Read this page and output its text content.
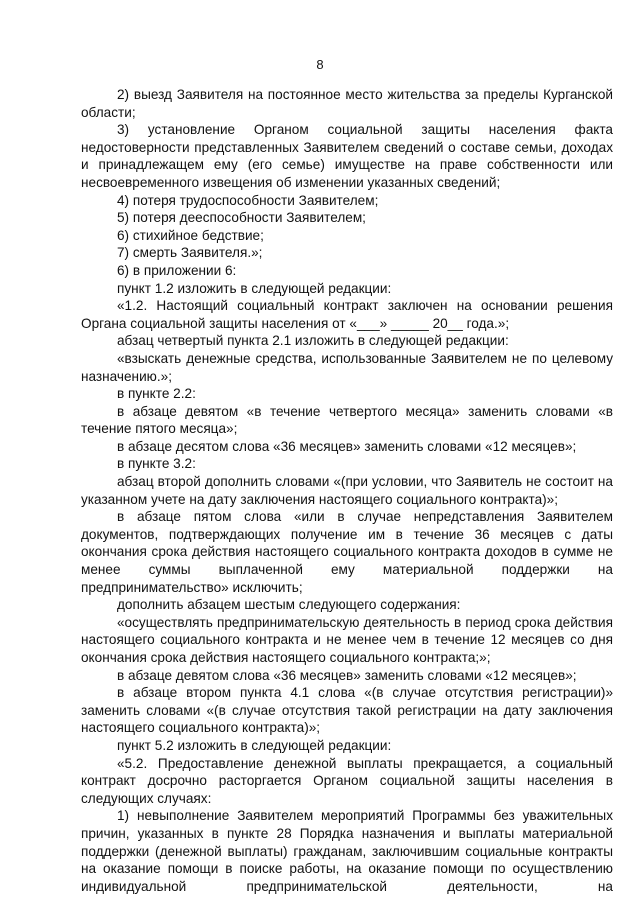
8

2) выезд Заявителя на постоянное место жительства за пределы Курганской области;

3) установление Органом социальной защиты населения факта недостоверности представленных Заявителем сведений о составе семьи, доходах и принадлежащем ему (его семье) имуществе на праве собственности или несвоевременного извещения об изменении указанных сведений;

4) потеря трудоспособности Заявителем;

5) потеря дееспособности Заявителем;

6) стихийное бедствие;

7) смерть Заявителя.»;

6) в приложении 6:

пункт 1.2 изложить в следующей редакции:

«1.2. Настоящий социальный контракт заключен на основании решения Органа социальной защиты населения от «___» _____ 20__ года.»;

абзац четвертый пункта 2.1 изложить в следующей редакции:

«взыскать денежные средства, использованные Заявителем не по целевому назначению.»;

в пункте 2.2:

в абзаце девятом «в течение четвертого месяца» заменить словами «в течение пятого месяца»;

в абзаце десятом слова «36 месяцев» заменить словами «12 месяцев»;

в пункте 3.2:

абзац второй дополнить словами «(при условии, что Заявитель не состоит на указанном учете на дату заключения настоящего социального контракта)»;

в абзаце пятом слова «или в случае непредставления Заявителем документов, подтверждающих получение им в течение 36 месяцев с даты окончания срока действия настоящего социального контракта доходов в сумме не менее суммы выплаченной ему материальной поддержки на предпринимательство» исключить;

дополнить абзацем шестым следующего содержания:

«осуществлять предпринимательскую деятельность в период срока действия настоящего социального контракта и не менее чем в течение 12 месяцев со дня окончания срока действия настоящего социального контракта;»;

в абзаце девятом слова «36 месяцев» заменить словами «12 месяцев»;

в абзаце втором пункта 4.1 слова «(в случае отсутствия регистрации)» заменить словами «(в случае отсутствия такой регистрации на дату заключения настоящего социального контракта)»;

пункт 5.2 изложить в следующей редакции:

«5.2. Предоставление денежной выплаты прекращается, а социальный контракт досрочно расторгается Органом социальной защиты населения в следующих случаях:

1) невыполнение Заявителем мероприятий Программы без уважительных причин, указанных в пункте 28 Порядка назначения и выплаты материальной поддержки (денежной выплаты) гражданам, заключившим социальные контракты на оказание помощи в поиске работы, на оказание помощи по осуществлению индивидуальной предпринимательской деятельности, на
